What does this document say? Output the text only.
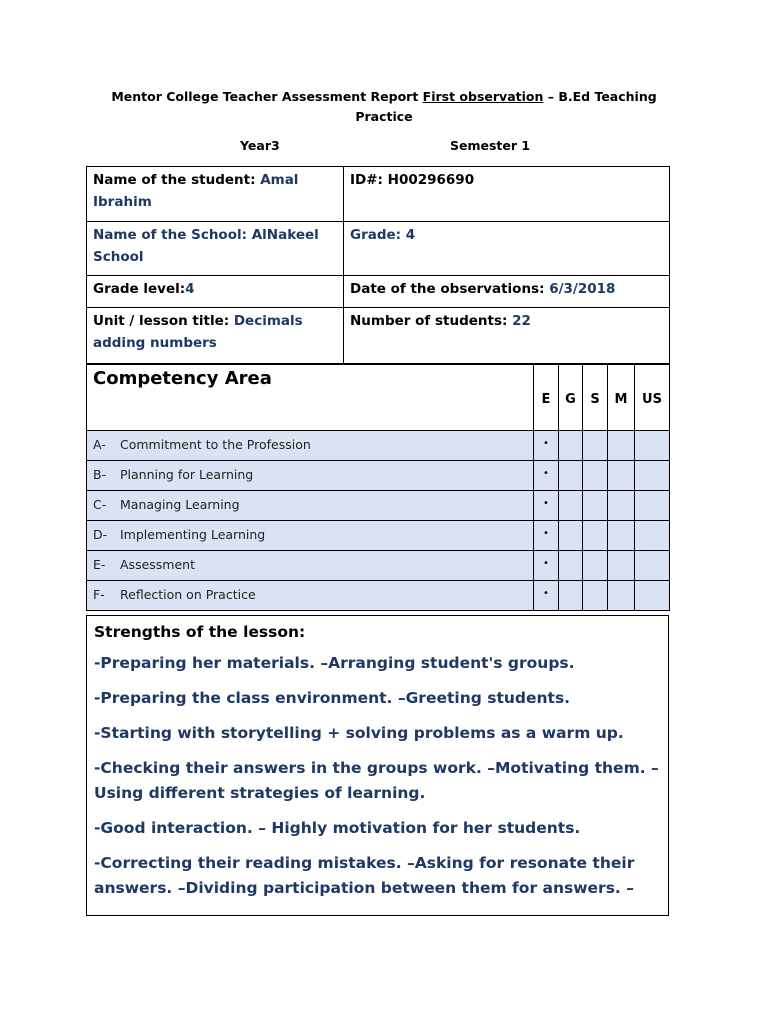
Mentor College Teacher Assessment Report First observation – B.Ed Teaching
Practice
Year3	Semester 1
Name of the student: Amal Ibrahim	ID#: H00296690
Name of the School: AlNakeel School	Grade: 4
Grade level:4	Date of the observations: 6/3/2018
Unit / lesson title: Decimals adding numbers	Number of students: 22
Competency Area	E	G	S	M	US
A- Commitment to the Profession	•				
B- Planning for Learning	•				
C- Managing Learning	•				
D- Implementing Learning	•				
E- Assessment	•				
F- Reflection on Practice	•				
Strengths of the lesson:
-Preparing her materials. –Arranging student's groups.
-Preparing the class environment. –Greeting students.
-Starting with storytelling + solving problems as a warm up.
-Checking their answers in the groups work. –Motivating them. –Using different strategies of learning.
-Good interaction. – Highly motivation for her students.
-Correcting their reading mistakes. –Asking for resonate their answers. –Dividing participation between them for answers. –
